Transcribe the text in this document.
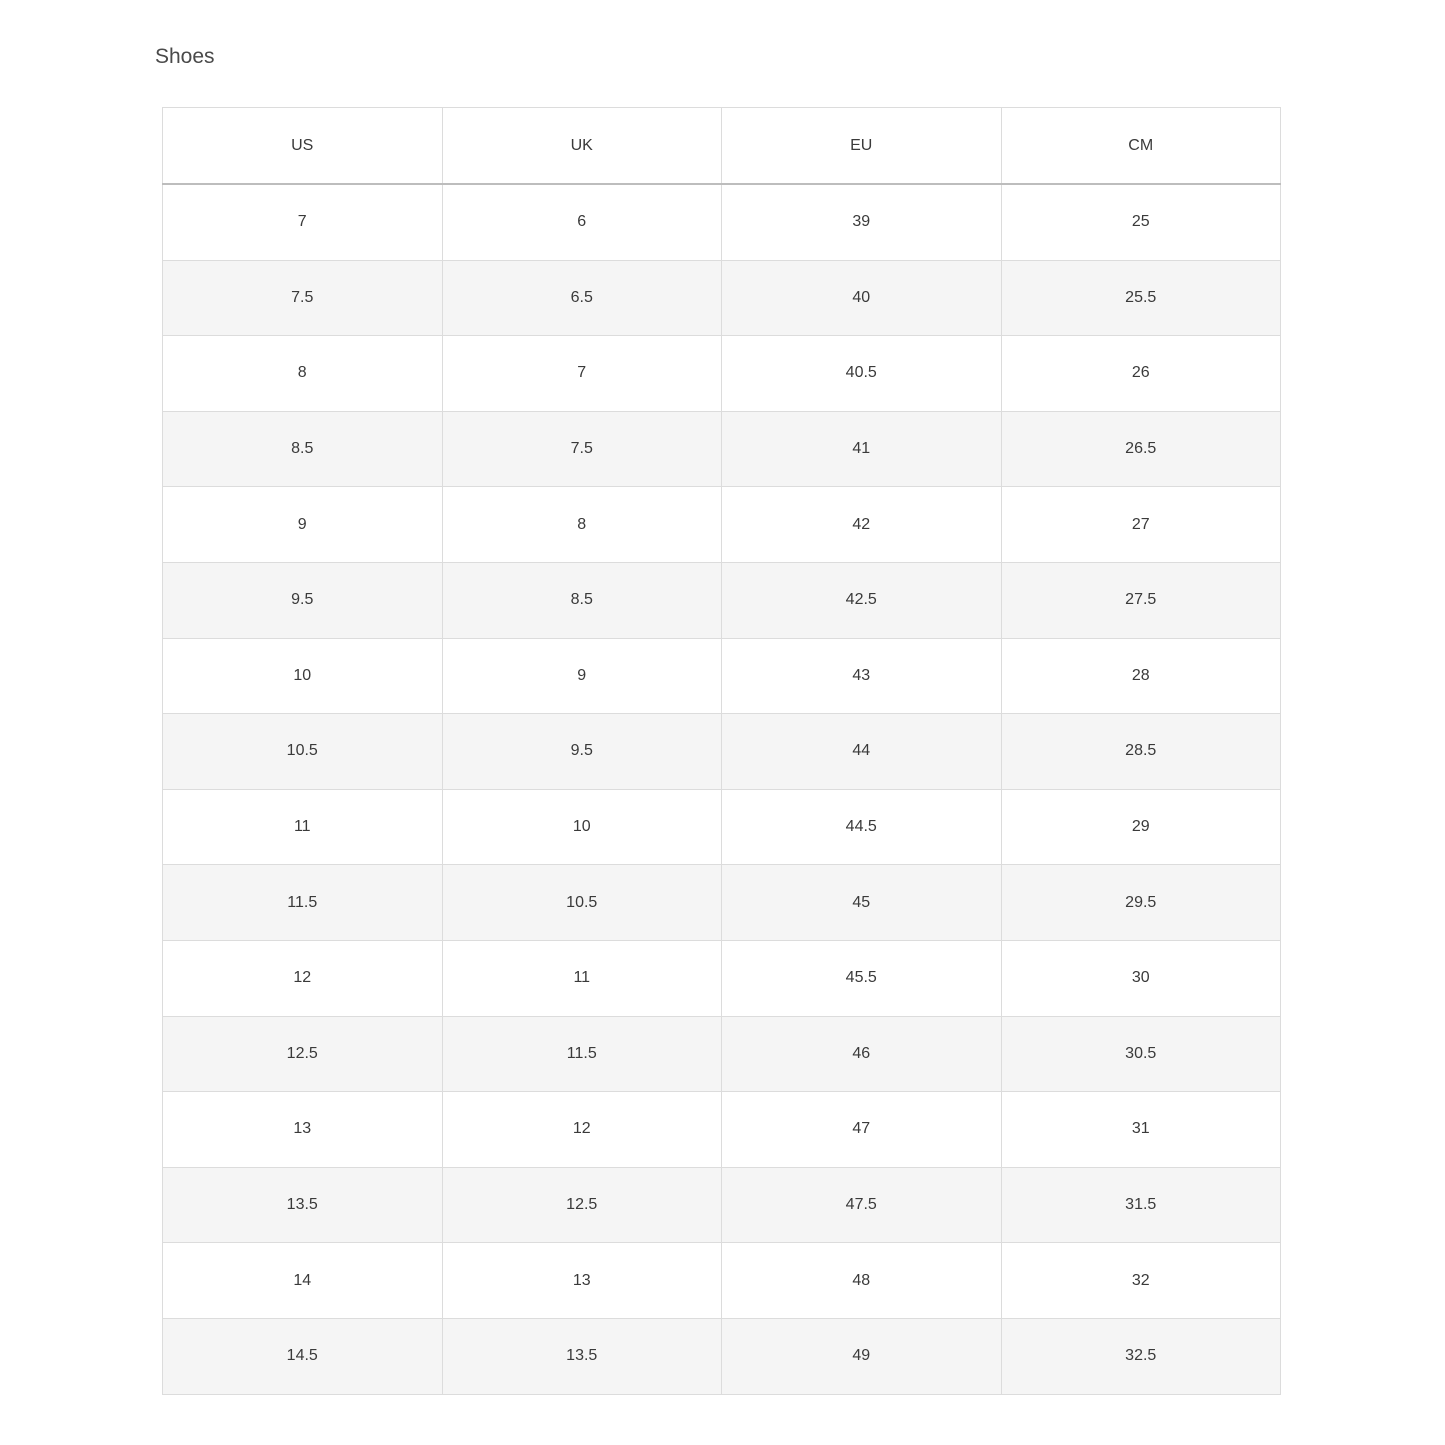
Shoes
US	UK	EU	CM
7	6	39	25
7.5	6.5	40	25.5
8	7	40.5	26
8.5	7.5	41	26.5
9	8	42	27
9.5	8.5	42.5	27.5
10	9	43	28
10.5	9.5	44	28.5
11	10	44.5	29
11.5	10.5	45	29.5
12	11	45.5	30
12.5	11.5	46	30.5
13	12	47	31
13.5	12.5	47.5	31.5
14	13	48	32
14.5	13.5	49	32.5
